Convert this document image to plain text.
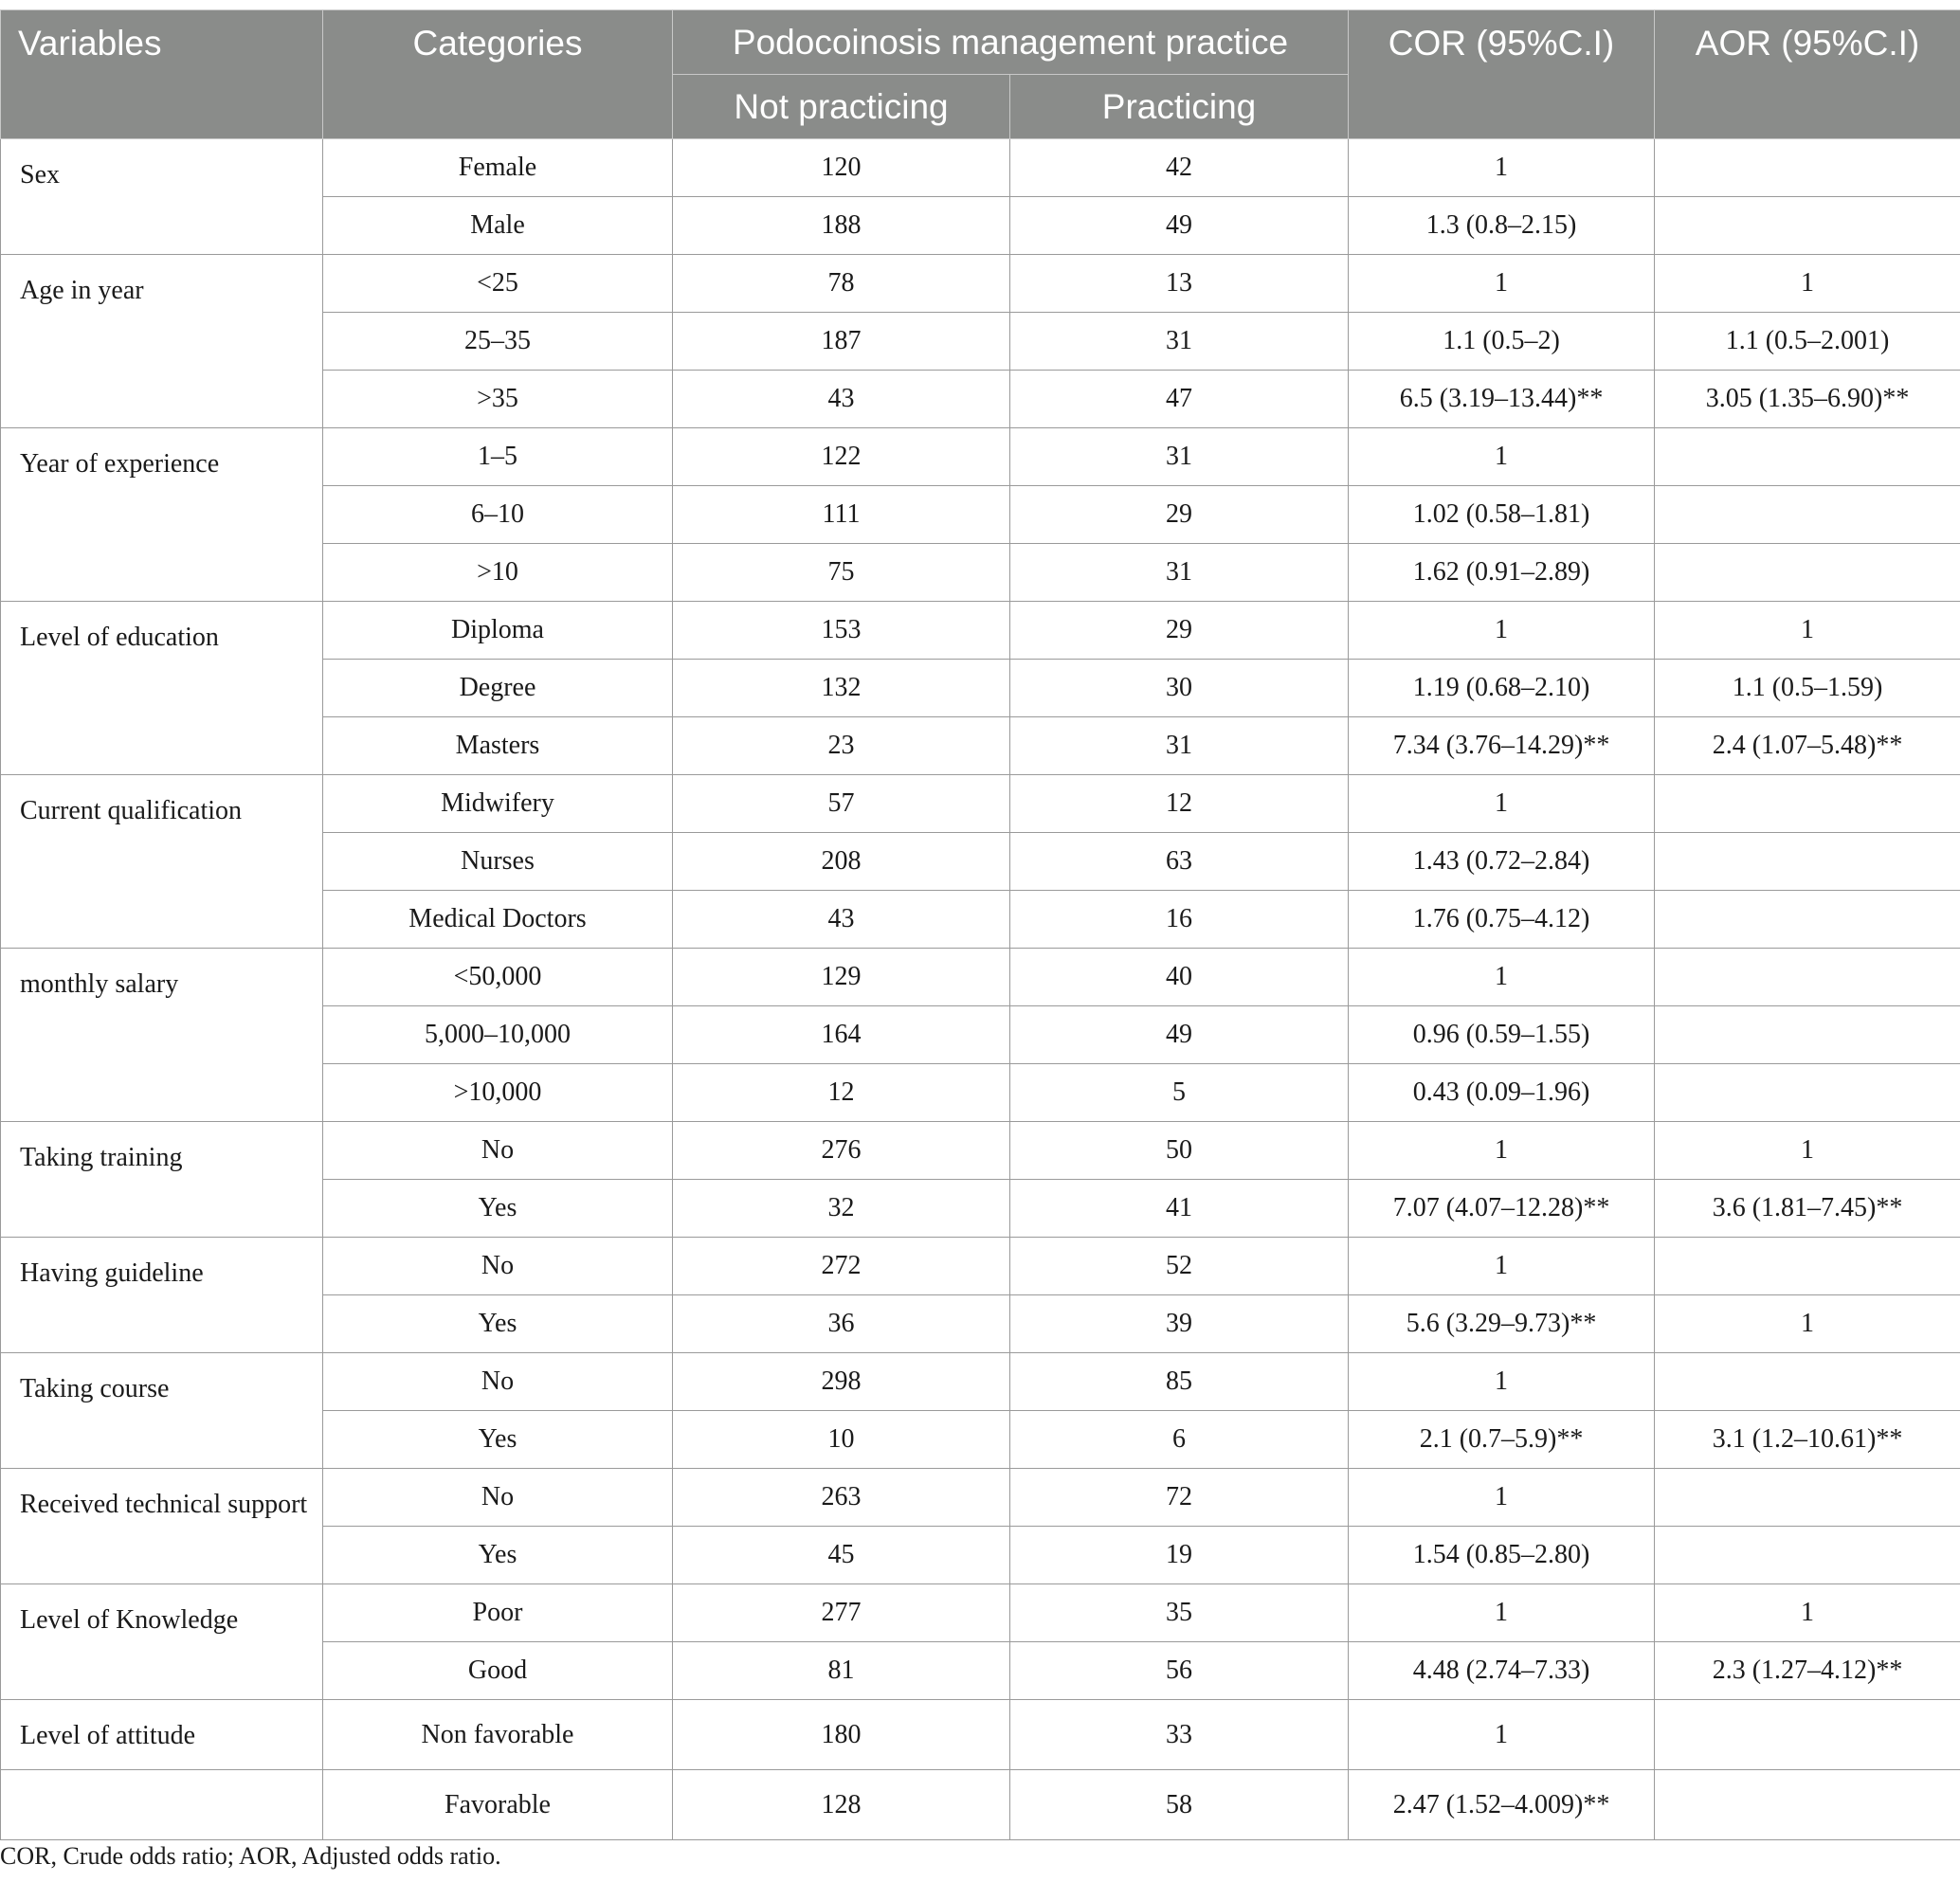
Variables	Categories	Podocoinosis management practice		COR (95%C.I)	AOR (95%C.I)
		Not practicing	Practicing		
Sex	Female	120	42	1	
	Male	188	49	1.3 (0.8–2.15)	
Age in year	<25	78	13	1	1
	25–35	187	31	1.1 (0.5–2)	1.1 (0.5–2.001)
	>35	43	47	6.5 (3.19–13.44)**	3.05 (1.35–6.90)**
Year of experience	1–5	122	31	1	
	6–10	111	29	1.02 (0.58–1.81)	
	>10	75	31	1.62 (0.91–2.89)	
Level of education	Diploma	153	29	1	1
	Degree	132	30	1.19 (0.68–2.10)	1.1 (0.5–1.59)
	Masters	23	31	7.34 (3.76–14.29)**	2.4 (1.07–5.48)**
Current qualification	Midwifery	57	12	1	
	Nurses	208	63	1.43 (0.72–2.84)	
	Medical Doctors	43	16	1.76 (0.75–4.12)	
monthly salary	<50,000	129	40	1	
	5,000–10,000	164	49	0.96 (0.59–1.55)	
	>10,000	12	5	0.43 (0.09–1.96)	
Taking training	No	276	50	1	1
	Yes	32	41	7.07 (4.07–12.28)**	3.6 (1.81–7.45)**
Having guideline	No	272	52	1	
	Yes	36	39	5.6 (3.29–9.73)**	1
Taking course	No	298	85	1	
	Yes	10	6	2.1 (0.7–5.9)**	3.1 (1.2–10.61)**
Received technical support	No	263	72	1	
	Yes	45	19	1.54 (0.85–2.80)	
Level of Knowledge	Poor	277	35	1	1
	Good	81	56	4.48 (2.74–7.33)	2.3 (1.27–4.12)**
Level of attitude	Non favorable	180	33	1	
	Favorable	128	58	2.47 (1.52–4.009)**	
COR, Crude odds ratio; AOR, Adjusted odds ratio.
